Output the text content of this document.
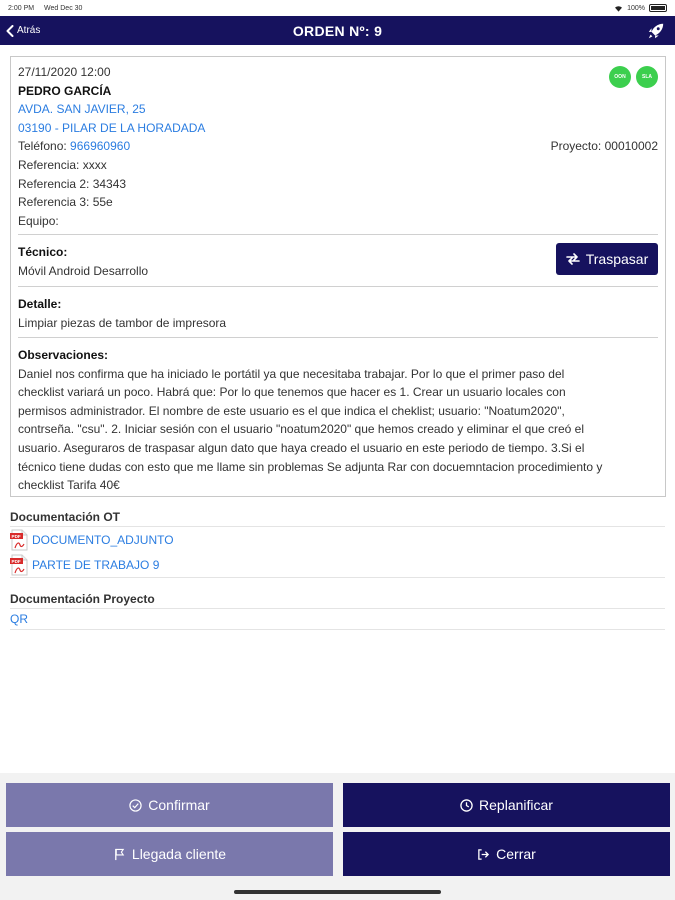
2:00 PM Wed Dec 30	100%
Atrás	ORDEN Nº: 9
OON	SLA
27/11/2020 12:00
PEDRO GARCÍA
AVDA. SAN JAVIER, 25
03190 - PILAR DE LA HORADADA
Teléfono: 966960960	Proyecto: 00010002
Referencia: xxxx
Referencia 2: 34343
Referencia 3: 55e
Equipo:
Técnico:
Móvil Android Desarrollo
Traspasar
Detalle:
Limpiar piezas de tambor de impresora
Observaciones:
Daniel nos confirma que ha iniciado le portátil ya que necesitaba trabajar. Por lo que el primer paso del
checklist variará un poco. Habrá que: Por lo que tenemos que hacer es 1. Crear un usuario locales con
permisos administrador. El nombre de este usuario es el que indica el cheklist; usuario: "Noatum2020",
contrseña. "csu". 2. Iniciar sesión con el usuario "noatum2020" que hemos creado y eliminar el que creó el
usuario. Aseguraros de traspasar algun dato que haya creado el usuario en este periodo de tiempo. 3.Si el
técnico tiene dudas con esto que me llame sin problemas Se adjunta Rar con docuemntacion procedimiento y
checklist Tarifa 40€
Documentación OT
PDF DOCUMENTO_ADJUNTO
PDF PARTE DE TRABAJO 9
Documentación Proyecto
QR
Confirmar	Replanificar
Llegada cliente	Cerrar
